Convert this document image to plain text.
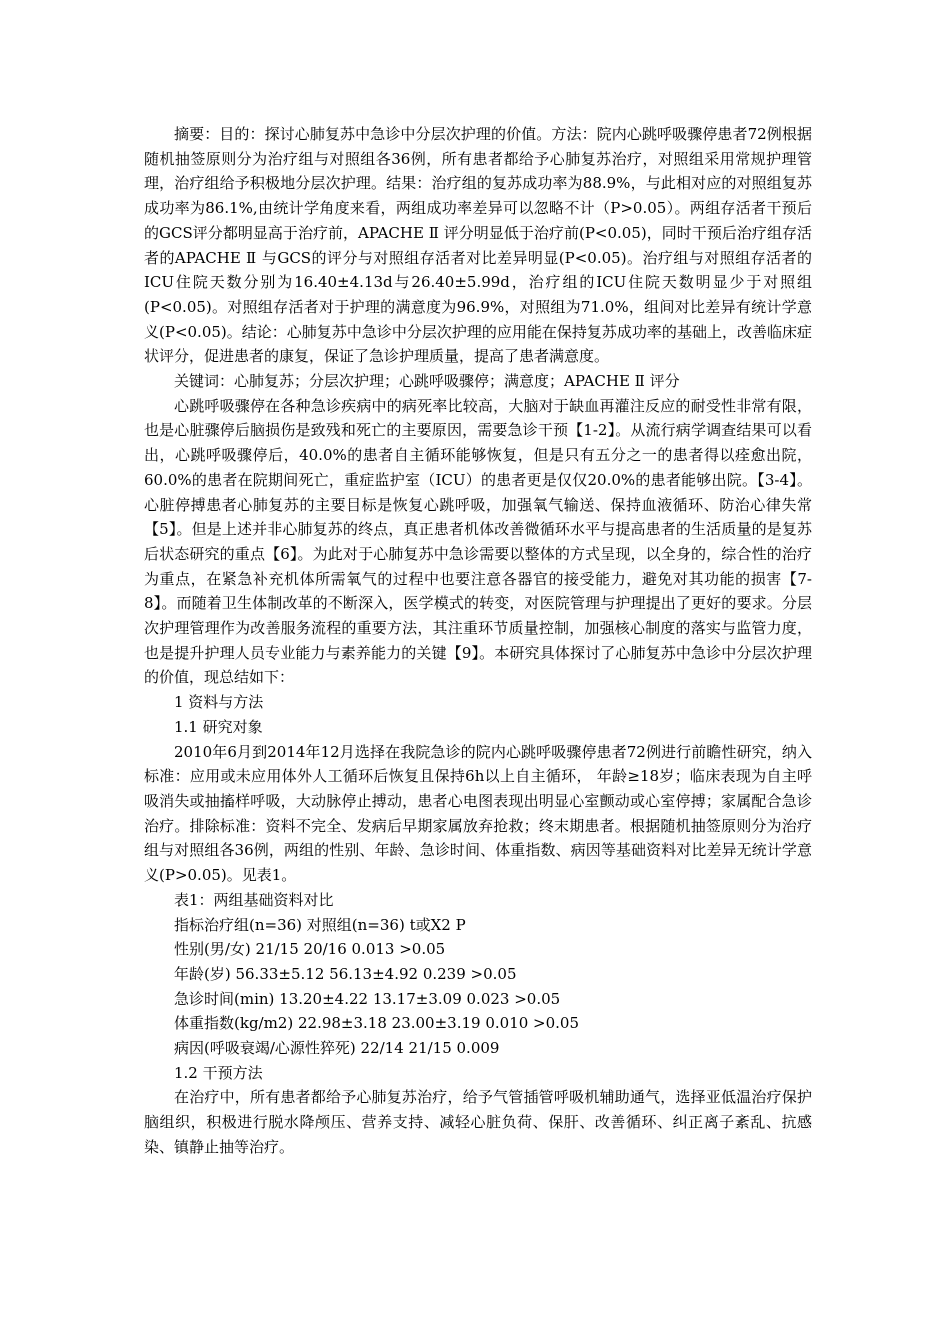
摘要：目的：探讨心肺复苏中急诊中分层次护理的价值。方法：院内心跳呼吸骤停患者72例根据随机抽签原则分为治疗组与对照组各36例，所有患者都给予心肺复苏治疗，对照组采用常规护理管理，治疗组给予积极地分层次护理。结果：治疗组的复苏成功率为88.9%，与此相对应的对照组复苏成功率为86.1%,由统计学角度来看，两组成功率差异可以忽略不计（P>0.05）。两组存活者干预后的GCS评分都明显高于治疗前，APACHE Ⅱ 评分明显低于治疗前(P<0.05)，同时干预后治疗组存活者的APACHE Ⅱ 与GCS的评分与对照组存活者对比差异明显(P<0.05)。治疗组与对照组存活者的ICU住院天数分别为16.40±4.13d与26.40±5.99d，治疗组的ICU住院天数明显少于对照组(P<0.05)。对照组存活者对于护理的满意度为96.9%，对照组为71.0%，组间对比差异有统计学意义(P<0.05)。结论：心肺复苏中急诊中分层次护理的应用能在保持复苏成功率的基础上，改善临床症状评分，促进患者的康复，保证了急诊护理质量，提高了患者满意度。

关键词：心肺复苏；分层次护理；心跳呼吸骤停；满意度；APACHE Ⅱ 评分

心跳呼吸骤停在各种急诊疾病中的病死率比较高，大脑对于缺血再灌注反应的耐受性非常有限，也是心脏骤停后脑损伤是致残和死亡的主要原因，需要急诊干预【1-2】。从流行病学调查结果可以看出，心跳呼吸骤停后，40.0%的患者自主循环能够恢复，但是只有五分之一的患者得以痊愈出院，60.0%的患者在院期间死亡，重症监护室（ICU）的患者更是仅仅20.0%的患者能够出院。【3-4】。心脏停搏患者心肺复苏的主要目标是恢复心跳呼吸，加强氧气输送、保持血液循环、防治心律失常【5】。但是上述并非心肺复苏的终点，真正患者机体改善微循环水平与提高患者的生活质量的是复苏后状态研究的重点【6】。为此对于心肺复苏中急诊需要以整体的方式呈现，以全身的，综合性的治疗为重点，在紧急补充机体所需氧气的过程中也要注意各器官的接受能力，避免对其功能的损害【7-8】。而随着卫生体制改革的不断深入，医学模式的转变，对医院管理与护理提出了更好的要求。分层次护理管理作为改善服务流程的重要方法，其注重环节质量控制，加强核心制度的落实与监管力度，也是提升护理人员专业能力与素养能力的关键【9】。本研究具体探讨了心肺复苏中急诊中分层次护理的价值，现总结如下：

1 资料与方法

1.1 研究对象

2010年6月到2014年12月选择在我院急诊的院内心跳呼吸骤停患者72例进行前瞻性研究，纳入标准：应用或未应用体外人工循环后恢复且保持6h以上自主循环， 年龄≥18岁；临床表现为自主呼吸消失或抽搐样呼吸，大动脉停止搏动，患者心电图表现出明显心室颤动或心室停搏；家属配合急诊治疗。排除标准：资料不完全、发病后早期家属放弃抢救；终末期患者。根据随机抽签原则分为治疗组与对照组各36例，两组的性别、年龄、急诊时间、体重指数、病因等基础资料对比差异无统计学意义(P>0.05)。见表1。

表1：两组基础资料对比

指标治疗组(n=36) 对照组(n=36) t或X2 P

性别(男/女) 21/15 20/16 0.013 >0.05

年龄(岁) 56.33±5.12 56.13±4.92 0.239 >0.05

急诊时间(min) 13.20±4.22 13.17±3.09 0.023 >0.05

体重指数(kg/m2) 22.98±3.18 23.00±3.19 0.010 >0.05

病因(呼吸衰竭/心源性猝死) 22/14 21/15 0.009

1.2 干预方法

在治疗中，所有患者都给予心肺复苏治疗，给予气管插管呼吸机辅助通气，选择亚低温治疗保护脑组织，积极进行脱水降颅压、营养支持、减轻心脏负荷、保肝、改善循环、纠正离子紊乱、抗感染、镇静止抽等治疗。
